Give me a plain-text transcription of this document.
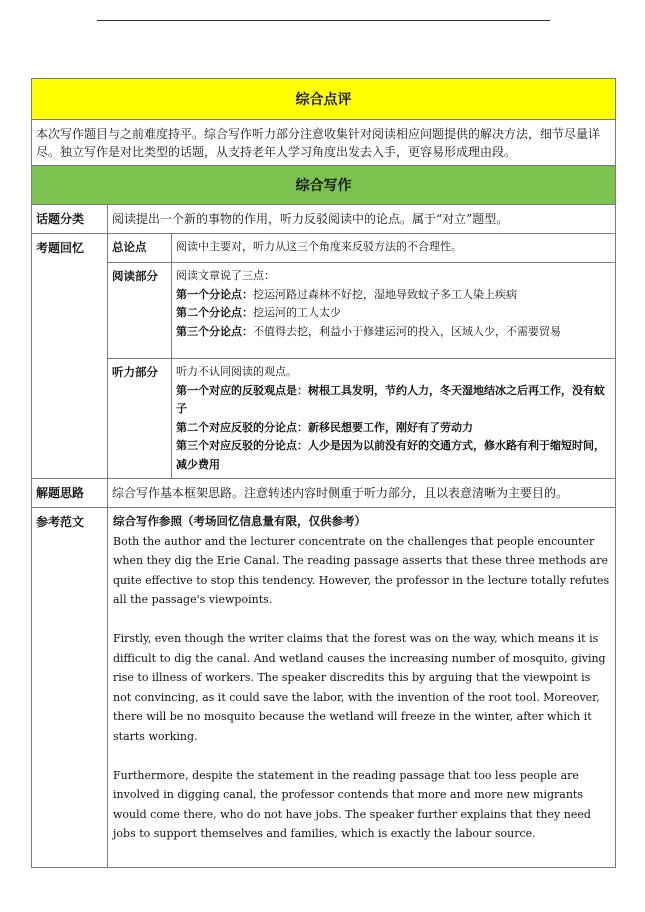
综合点评		
本次写作题目与之前难度持平。综合写作听力部分注意收集针对阅读相应问题提供的解决方法，细节尽量详尽。独立写作是对比类型的话题，从支持老年人学习角度出发去入手，更容易形成理由段。		
综合写作		
话题分类	阅读提出一个新的事物的作用，听力反驳阅读中的论点。属于“对立”题型。	
考题回忆	总论点	阅读中主要对，听力从这三个角度来反驳方法的不合理性。
	阅读部分	阅读文章说了三点：
第一个分论点：挖运河路过森林不好挖，湿地导致蚊子多工人染上疾病
第二个分论点：挖运河的工人太少
第三个分论点：不值得去挖，利益小于修建运河的投入，区域人少，不需要贸易

	听力部分	听力不认同阅读的观点。
第一个对应的反驳观点是：树根工具发明，节约人力，冬天湿地结冰之后再工作，没有蚊子
第二个对应反驳的分论点：新移民想要工作，刚好有了劳动力
第三个对应反驳的分论点：人少是因为以前没有好的交通方式，修水路有利于缩短时间，减少费用

解题思路	综合写作基本框架思路。注意转述内容时侧重于听力部分，且以表意清晰为主要目的。	
参考范文	综合写作参照（考场回忆信息量有限，仅供参考）

Both the author and the lecturer concentrate on the challenges that people encounter when they dig the Erie Canal. The reading passage asserts that these three methods are quite effective to stop this tendency. However, the professor in the lecture totally refutes all the passage's viewpoints.

Firstly, even though the writer claims that the forest was on the way, which means it is difficult to dig the canal. And wetland causes the increasing number of mosquito, giving rise to illness of workers. The speaker discredits this by arguing that the viewpoint is not convincing, as it could save the labor, with the invention of the root tool. Moreover, there will be no mosquito because the wetland will freeze in the winter, after which it starts working.

Furthermore, despite the statement in the reading passage that too less people are involved in digging canal, the professor contends that more and more new migrants would come there, who do not have jobs. The speaker further explains that they need jobs to support themselves and families, which is exactly the labour source.	
